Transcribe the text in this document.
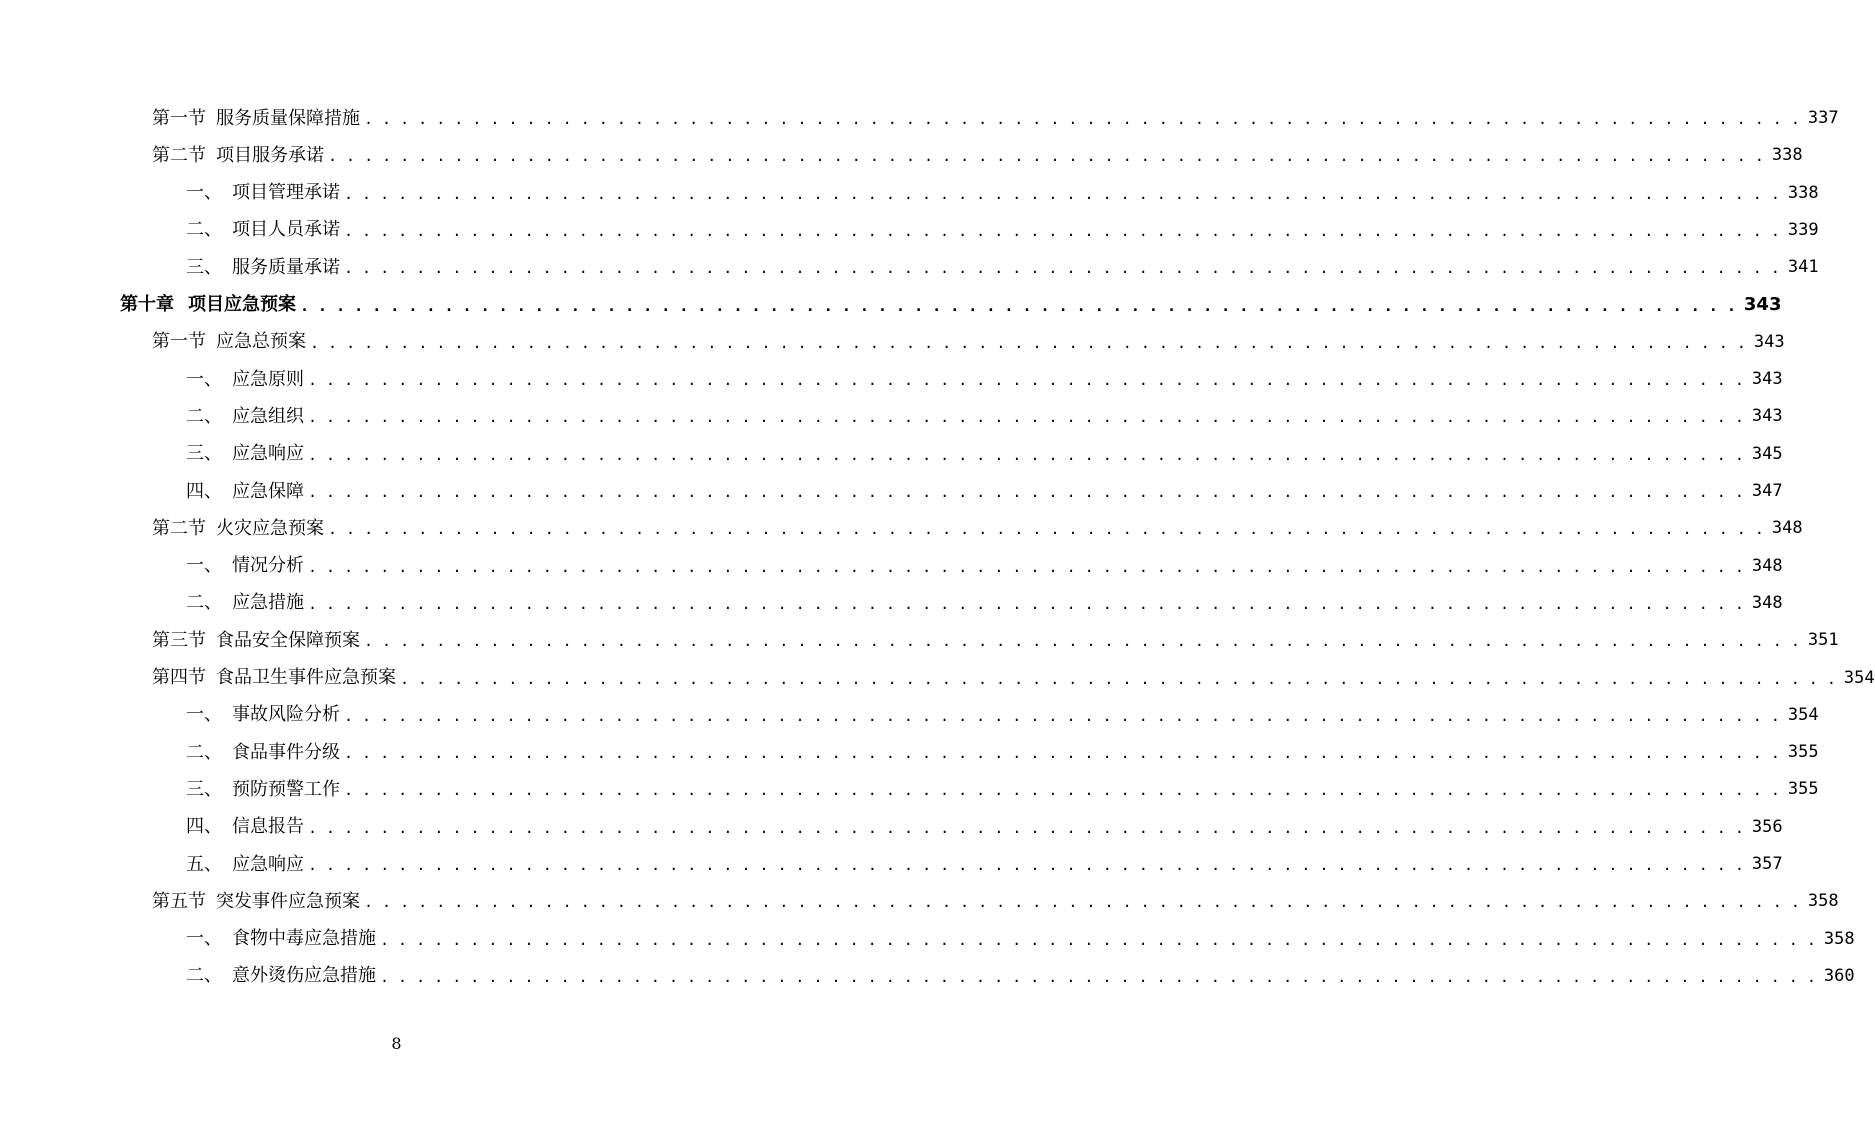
第一节 服务质量保障措施 . . . . . . . . . . . . . . . . . . . . . . . . . . . . . . . . . . . . . . . . . . . . . . . . . . . . . . . . . . . . . . . . . . . . . . . . . . . . . . . . 337
第二节 项目服务承诺 . . . . . . . . . . . . . . . . . . . . . . . . . . . . . . . . . . . . . . . . . . . . . . . . . . . . . . . . . . . . . . . . . . . . . . . . . . . . . . . . 338
一、 项目管理承诺 . . . . . . . . . . . . . . . . . . . . . . . . . . . . . . . . . . . . . . . . . . . . . . . . . . . . . . . . . . . . . . . . . . . . . . . . . . . . . . . . 338
二、 项目人员承诺 . . . . . . . . . . . . . . . . . . . . . . . . . . . . . . . . . . . . . . . . . . . . . . . . . . . . . . . . . . . . . . . . . . . . . . . . . . . . . . . . 339
三、 服务质量承诺 . . . . . . . . . . . . . . . . . . . . . . . . . . . . . . . . . . . . . . . . . . . . . . . . . . . . . . . . . . . . . . . . . . . . . . . . . . . . . . . . 341
第十章 项目应急预案 . . . . . . . . . . . . . . . . . . . . . . . . . . . . . . . . . . . . . . . . . . . . . . . . . . . . . . . . . . . . . . . . . . . . . . . . . . . . . . . . 343
第一节 应急总预案 . . . . . . . . . . . . . . . . . . . . . . . . . . . . . . . . . . . . . . . . . . . . . . . . . . . . . . . . . . . . . . . . . . . . . . . . . . . . . . . . 343
一、 应急原则 . . . . . . . . . . . . . . . . . . . . . . . . . . . . . . . . . . . . . . . . . . . . . . . . . . . . . . . . . . . . . . . . . . . . . . . . . . . . . . . . 343
二、 应急组织 . . . . . . . . . . . . . . . . . . . . . . . . . . . . . . . . . . . . . . . . . . . . . . . . . . . . . . . . . . . . . . . . . . . . . . . . . . . . . . . . 343
三、 应急响应 . . . . . . . . . . . . . . . . . . . . . . . . . . . . . . . . . . . . . . . . . . . . . . . . . . . . . . . . . . . . . . . . . . . . . . . . . . . . . . . . 345
四、 应急保障 . . . . . . . . . . . . . . . . . . . . . . . . . . . . . . . . . . . . . . . . . . . . . . . . . . . . . . . . . . . . . . . . . . . . . . . . . . . . . . . . 347
第二节 火灾应急预案 . . . . . . . . . . . . . . . . . . . . . . . . . . . . . . . . . . . . . . . . . . . . . . . . . . . . . . . . . . . . . . . . . . . . . . . . . . . . . . . . 348
一、 情况分析 . . . . . . . . . . . . . . . . . . . . . . . . . . . . . . . . . . . . . . . . . . . . . . . . . . . . . . . . . . . . . . . . . . . . . . . . . . . . . . . . 348
二、 应急措施 . . . . . . . . . . . . . . . . . . . . . . . . . . . . . . . . . . . . . . . . . . . . . . . . . . . . . . . . . . . . . . . . . . . . . . . . . . . . . . . . 348
第三节 食品安全保障预案 . . . . . . . . . . . . . . . . . . . . . . . . . . . . . . . . . . . . . . . . . . . . . . . . . . . . . . . . . . . . . . . . . . . . . . . . . . . . . . . . 351
第四节 食品卫生事件应急预案 . . . . . . . . . . . . . . . . . . . . . . . . . . . . . . . . . . . . . . . . . . . . . . . . . . . . . . . . . . . . . . . . . . . . . . . . . . . . . . . . 354
一、 事故风险分析 . . . . . . . . . . . . . . . . . . . . . . . . . . . . . . . . . . . . . . . . . . . . . . . . . . . . . . . . . . . . . . . . . . . . . . . . . . . . . . . . 354
二、 食品事件分级 . . . . . . . . . . . . . . . . . . . . . . . . . . . . . . . . . . . . . . . . . . . . . . . . . . . . . . . . . . . . . . . . . . . . . . . . . . . . . . . . 355
三、 预防预警工作 . . . . . . . . . . . . . . . . . . . . . . . . . . . . . . . . . . . . . . . . . . . . . . . . . . . . . . . . . . . . . . . . . . . . . . . . . . . . . . . . 355
四、 信息报告 . . . . . . . . . . . . . . . . . . . . . . . . . . . . . . . . . . . . . . . . . . . . . . . . . . . . . . . . . . . . . . . . . . . . . . . . . . . . . . . . 356
五、 应急响应 . . . . . . . . . . . . . . . . . . . . . . . . . . . . . . . . . . . . . . . . . . . . . . . . . . . . . . . . . . . . . . . . . . . . . . . . . . . . . . . . 357
第五节 突发事件应急预案 . . . . . . . . . . . . . . . . . . . . . . . . . . . . . . . . . . . . . . . . . . . . . . . . . . . . . . . . . . . . . . . . . . . . . . . . . . . . . . . . 358
一、 食物中毒应急措施 . . . . . . . . . . . . . . . . . . . . . . . . . . . . . . . . . . . . . . . . . . . . . . . . . . . . . . . . . . . . . . . . . . . . . . . . . . . . . . . . 358
二、 意外烫伤应急措施 . . . . . . . . . . . . . . . . . . . . . . . . . . . . . . . . . . . . . . . . . . . . . . . . . . . . . . . . . . . . . . . . . . . . . . . . . . . . . . . . 360
8
